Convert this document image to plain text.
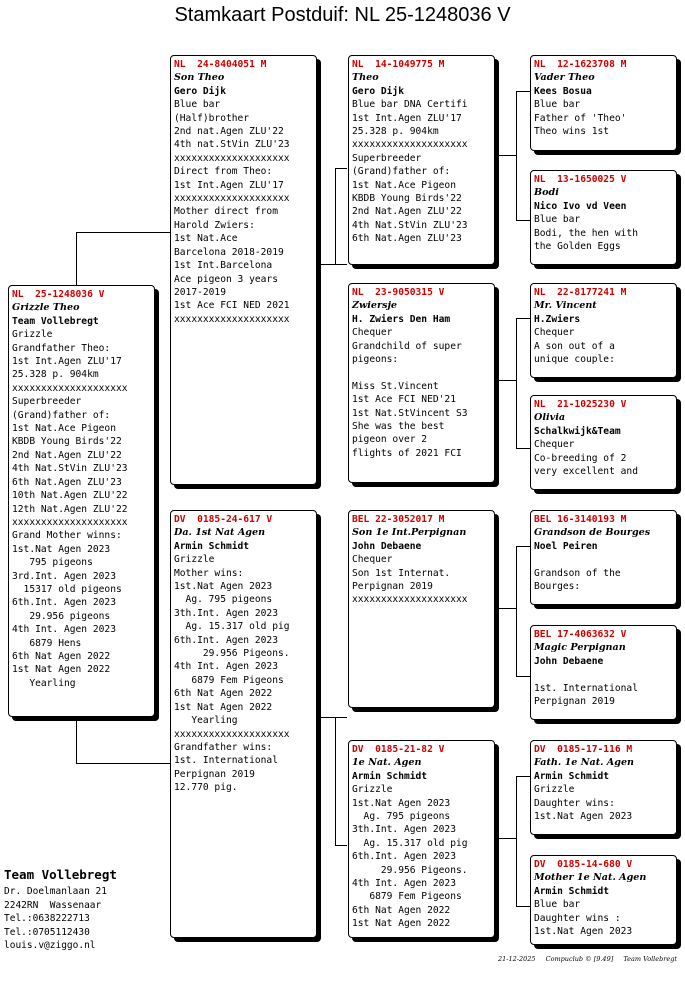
Stamkaart Postduif: NL 25-1248036 V
NL  25-1248036 V
Grizzle Theo
Team Vollebregt
Grizzle
Grandfather Theo:
1st Int.Agen ZLU'17
25.328 p. 904km
xxxxxxxxxxxxxxxxxxxx
Superbreeder
(Grand)father of:
1st Nat.Ace Pigeon
KBDB Young Birds'22
2nd Nat.Agen ZLU'22
4th Nat.StVin ZLU'23
6th Nat.Agen ZLU'23
10th Nat.Agen ZLU'22
12th Nat.Agen ZLU'22
xxxxxxxxxxxxxxxxxxxx
Grand Mother winns:
1st.Nat Agen 2023
795 pigeons
3rd.Int. Agen 2023
15317 old pigeons
6th.Int. Agen 2023
29.956 pigeons
4th Int. Agen 2023
6879 Hens
6th Nat Agen 2022
1st Nat Agen 2022
Yearling
NL  24-8404051 M
Son Theo
Gero Dijk
Blue bar
(Half)brother
2nd nat.Agen ZLU'22
4th nat.StVin ZLU'23
xxxxxxxxxxxxxxxxxxxx
Direct from Theo:
1st Int.Agen ZLU'17
xxxxxxxxxxxxxxxxxxxx
Mother direct from
Harold Zwiers:
1st Nat.Ace
Barcelona 2018-2019
1st Int.Barcelona
Ace pigeon 3 years
2017-2019
1st Ace FCI NED 2021
xxxxxxxxxxxxxxxxxxxx
DV  0185-24-617 V
Da. 1st Nat Agen
Armin Schmidt
Grizzle
Mother wins:
1st.Nat Agen 2023
Ag. 795 pigeons
3th.Int. Agen 2023
Ag. 15.317 old pig
6th.Int. Agen 2023
29.956 Pigeons.
4th Int. Agen 2023
6879 Fem Pigeons
6th Nat Agen 2022
1st Nat Agen 2022
Yearling
xxxxxxxxxxxxxxxxxxxx
Grandfather wins:
1st. International
Perpignan 2019
12.770 pig.
NL  14-1049775 M
Theo
Gero Dijk
Blue bar DNA Certifi
1st Int.Agen ZLU'17
25.328 p. 904km
xxxxxxxxxxxxxxxxxxxx
Superbreeder
(Grand)father of:
1st Nat.Ace Pigeon
KBDB Young Birds'22
2nd Nat.Agen ZLU'22
4th Nat.StVin ZLU'23
6th Nat.Agen ZLU'23
NL  23-9050315 V
Zwiersje
H. Zwiers Den Ham
Chequer
Grandchild of super
pigeons:

Miss St.Vincent
1st Ace FCI NED'21
1st Nat.StVincent S3
She was the best
pigeon over 2
flights of 2021 FCI
BEL 22-3052017 M
Son 1e Int.Perpignan
John Debaene
Chequer
Son 1st Internat.
Perpignan 2019
xxxxxxxxxxxxxxxxxxxx
DV  0185-21-82 V
1e Nat. Agen
Armin Schmidt
Grizzle
1st.Nat Agen 2023
Ag. 795 pigeons
3th.Int. Agen 2023
Ag. 15.317 old pig
6th.Int. Agen 2023
29.956 Pigeons.
4th Int. Agen 2023
6879 Fem Pigeons
6th Nat Agen 2022
1st Nat Agen 2022
NL  12-1623708 M
Vader Theo
Kees Bosua
Blue bar
Father of 'Theo'
Theo wins 1st
NL  13-1650025 V
Bodi
Nico Ivo vd Veen
Blue bar
Bodi, the hen with
the Golden Eggs
NL  22-8177241 M
Mr. Vincent
H.Zwiers
Chequer
A son out of a
unique couple:
NL  21-1025230 V
Olivia
Schalkwijk&Team
Chequer
Co-breeding of 2
very excellent and
BEL 16-3140193 M
Grandson de Bourges
Noel Peiren

Grandson of the
Bourges:
BEL 17-4063632 V
Magic Perpignan
John Debaene

1st. International
Perpignan 2019
DV  0185-17-116 M
Fath. 1e Nat. Agen
Armin Schmidt
Grizzle
Daughter wins:
1st.Nat Agen 2023
DV  0185-14-680 V
Mother 1e Nat. Agen
Armin Schmidt
Blue bar
Daughter wins :
1st.Nat Agen 2023
Team Vollebregt
Dr. Doelmanlaan 21
2242RN  Wassenaar
Tel.:0638222713
Tel.:0705112430
louis.v@ziggo.nl
21-12-2025 Compuclub © [9.49] Team Vollebregt
